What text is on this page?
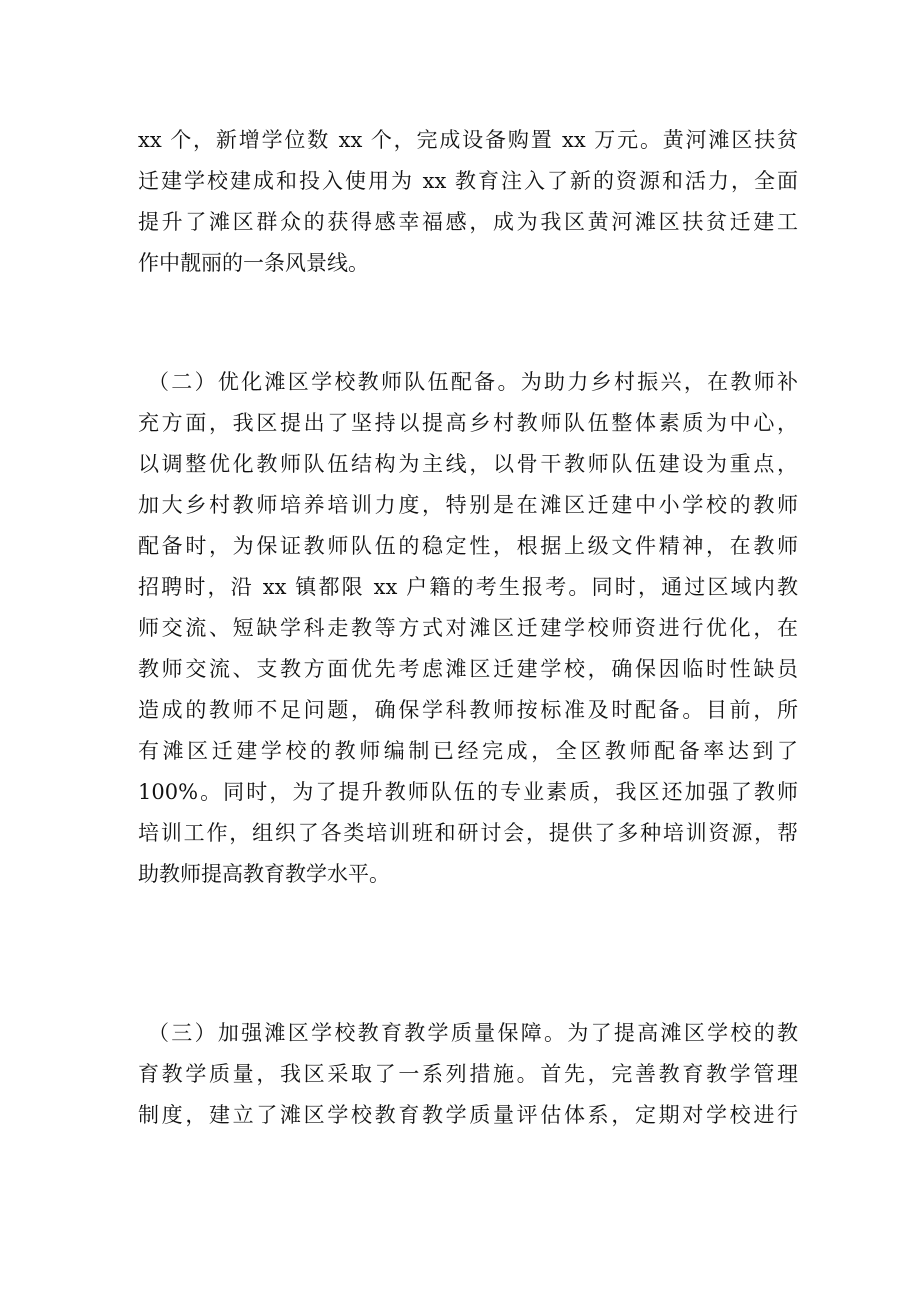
xx 个，新增学位数 xx 个，完成设备购置 xx 万元。黄河滩区扶贫
迁建学校建成和投入使用为 xx 教育注入了新的资源和活力，全面
提升了滩区群众的获得感幸福感，成为我区黄河滩区扶贫迁建工
作中靓丽的一条风景线。
（二）优化滩区学校教师队伍配备。为助力乡村振兴，在教师补
充方面，我区提出了坚持以提高乡村教师队伍整体素质为中心，
以调整优化教师队伍结构为主线，以骨干教师队伍建设为重点，
加大乡村教师培养培训力度，特别是在滩区迁建中小学校的教师
配备时，为保证教师队伍的稳定性，根据上级文件精神，在教师
招聘时，沿 xx 镇都限 xx 户籍的考生报考。同时，通过区域内教
师交流、短缺学科走教等方式对滩区迁建学校师资进行优化，在
教师交流、支教方面优先考虑滩区迁建学校，确保因临时性缺员
造成的教师不足问题，确保学科教师按标准及时配备。目前，所
有滩区迁建学校的教师编制已经完成，全区教师配备率达到了
100%。同时，为了提升教师队伍的专业素质，我区还加强了教师
培训工作，组织了各类培训班和研讨会，提供了多种培训资源，帮
助教师提高教育教学水平。
（三）加强滩区学校教育教学质量保障。为了提高滩区学校的教
育教学质量，我区采取了一系列措施。首先，完善教育教学管理
制度，建立了滩区学校教育教学质量评估体系，定期对学校进行
